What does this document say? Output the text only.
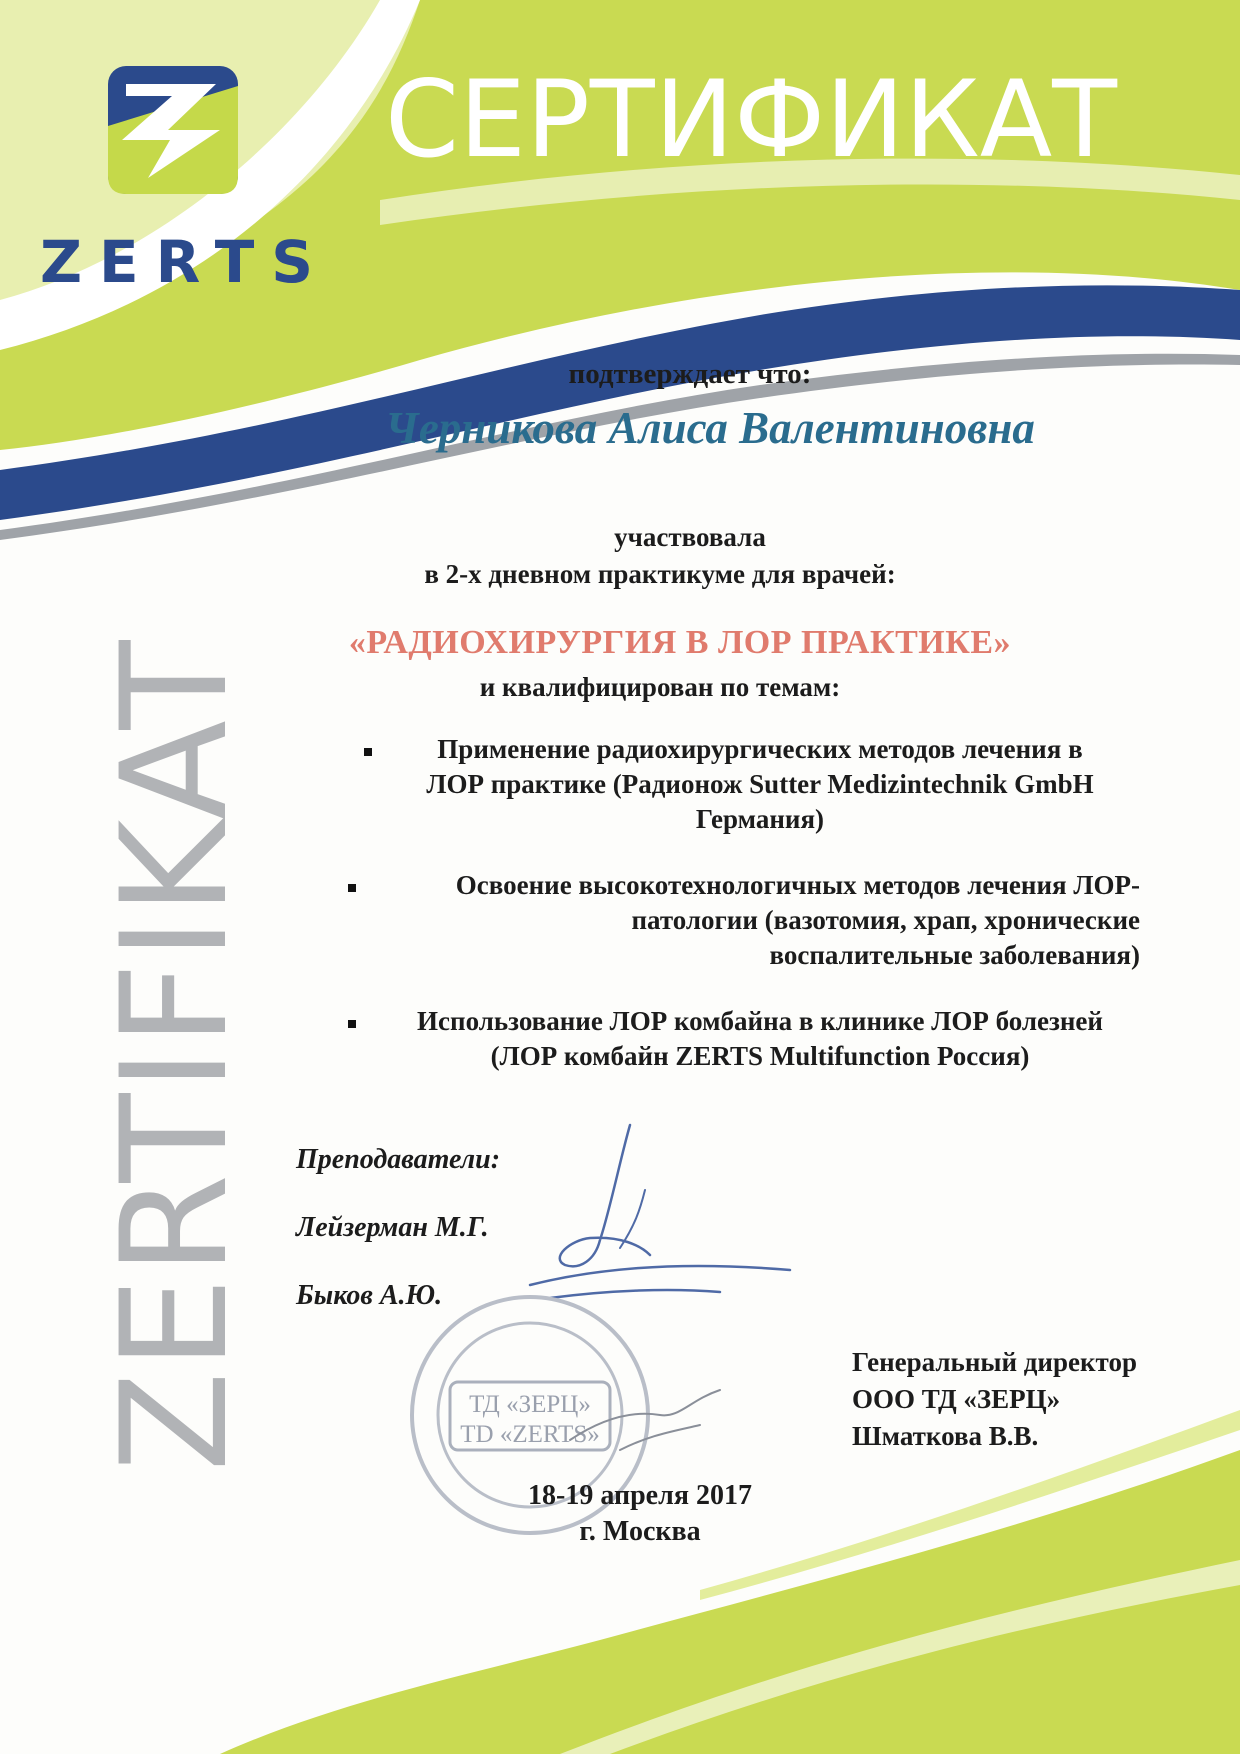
ZERTS
СЕРТИФИКАТ
ZERTIFIKAT
подтверждает что:
Черникова Алиса Валентиновна
участвовала
в 2-х дневном практикуме для врачей:
«РАДИОХИРУРГИЯ В ЛОР ПРАКТИКЕ»
и квалифицирован по темам:
Применение радиохирургических методов лечения в
ЛОР практике (Радионож Sutter Medizintechnik GmbH
Германия)
Освоение высокотехнологичных методов лечения ЛОР-
патологии (вазотомия, храп, хронические
воспалительные заболевания)
Использование ЛОР комбайна в клинике ЛОР болезней
(ЛОР комбайн ZERTS Multifunction Россия)
Преподаватели:
Лейзерман М.Г.
Быков А.Ю.
ТД «ЗЕРЦ»
TD «ZERTS»
Генеральный директор
ООО ТД «ЗЕРЦ»
Шматкова В.В.
18-19 апреля 2017
г. Москва
